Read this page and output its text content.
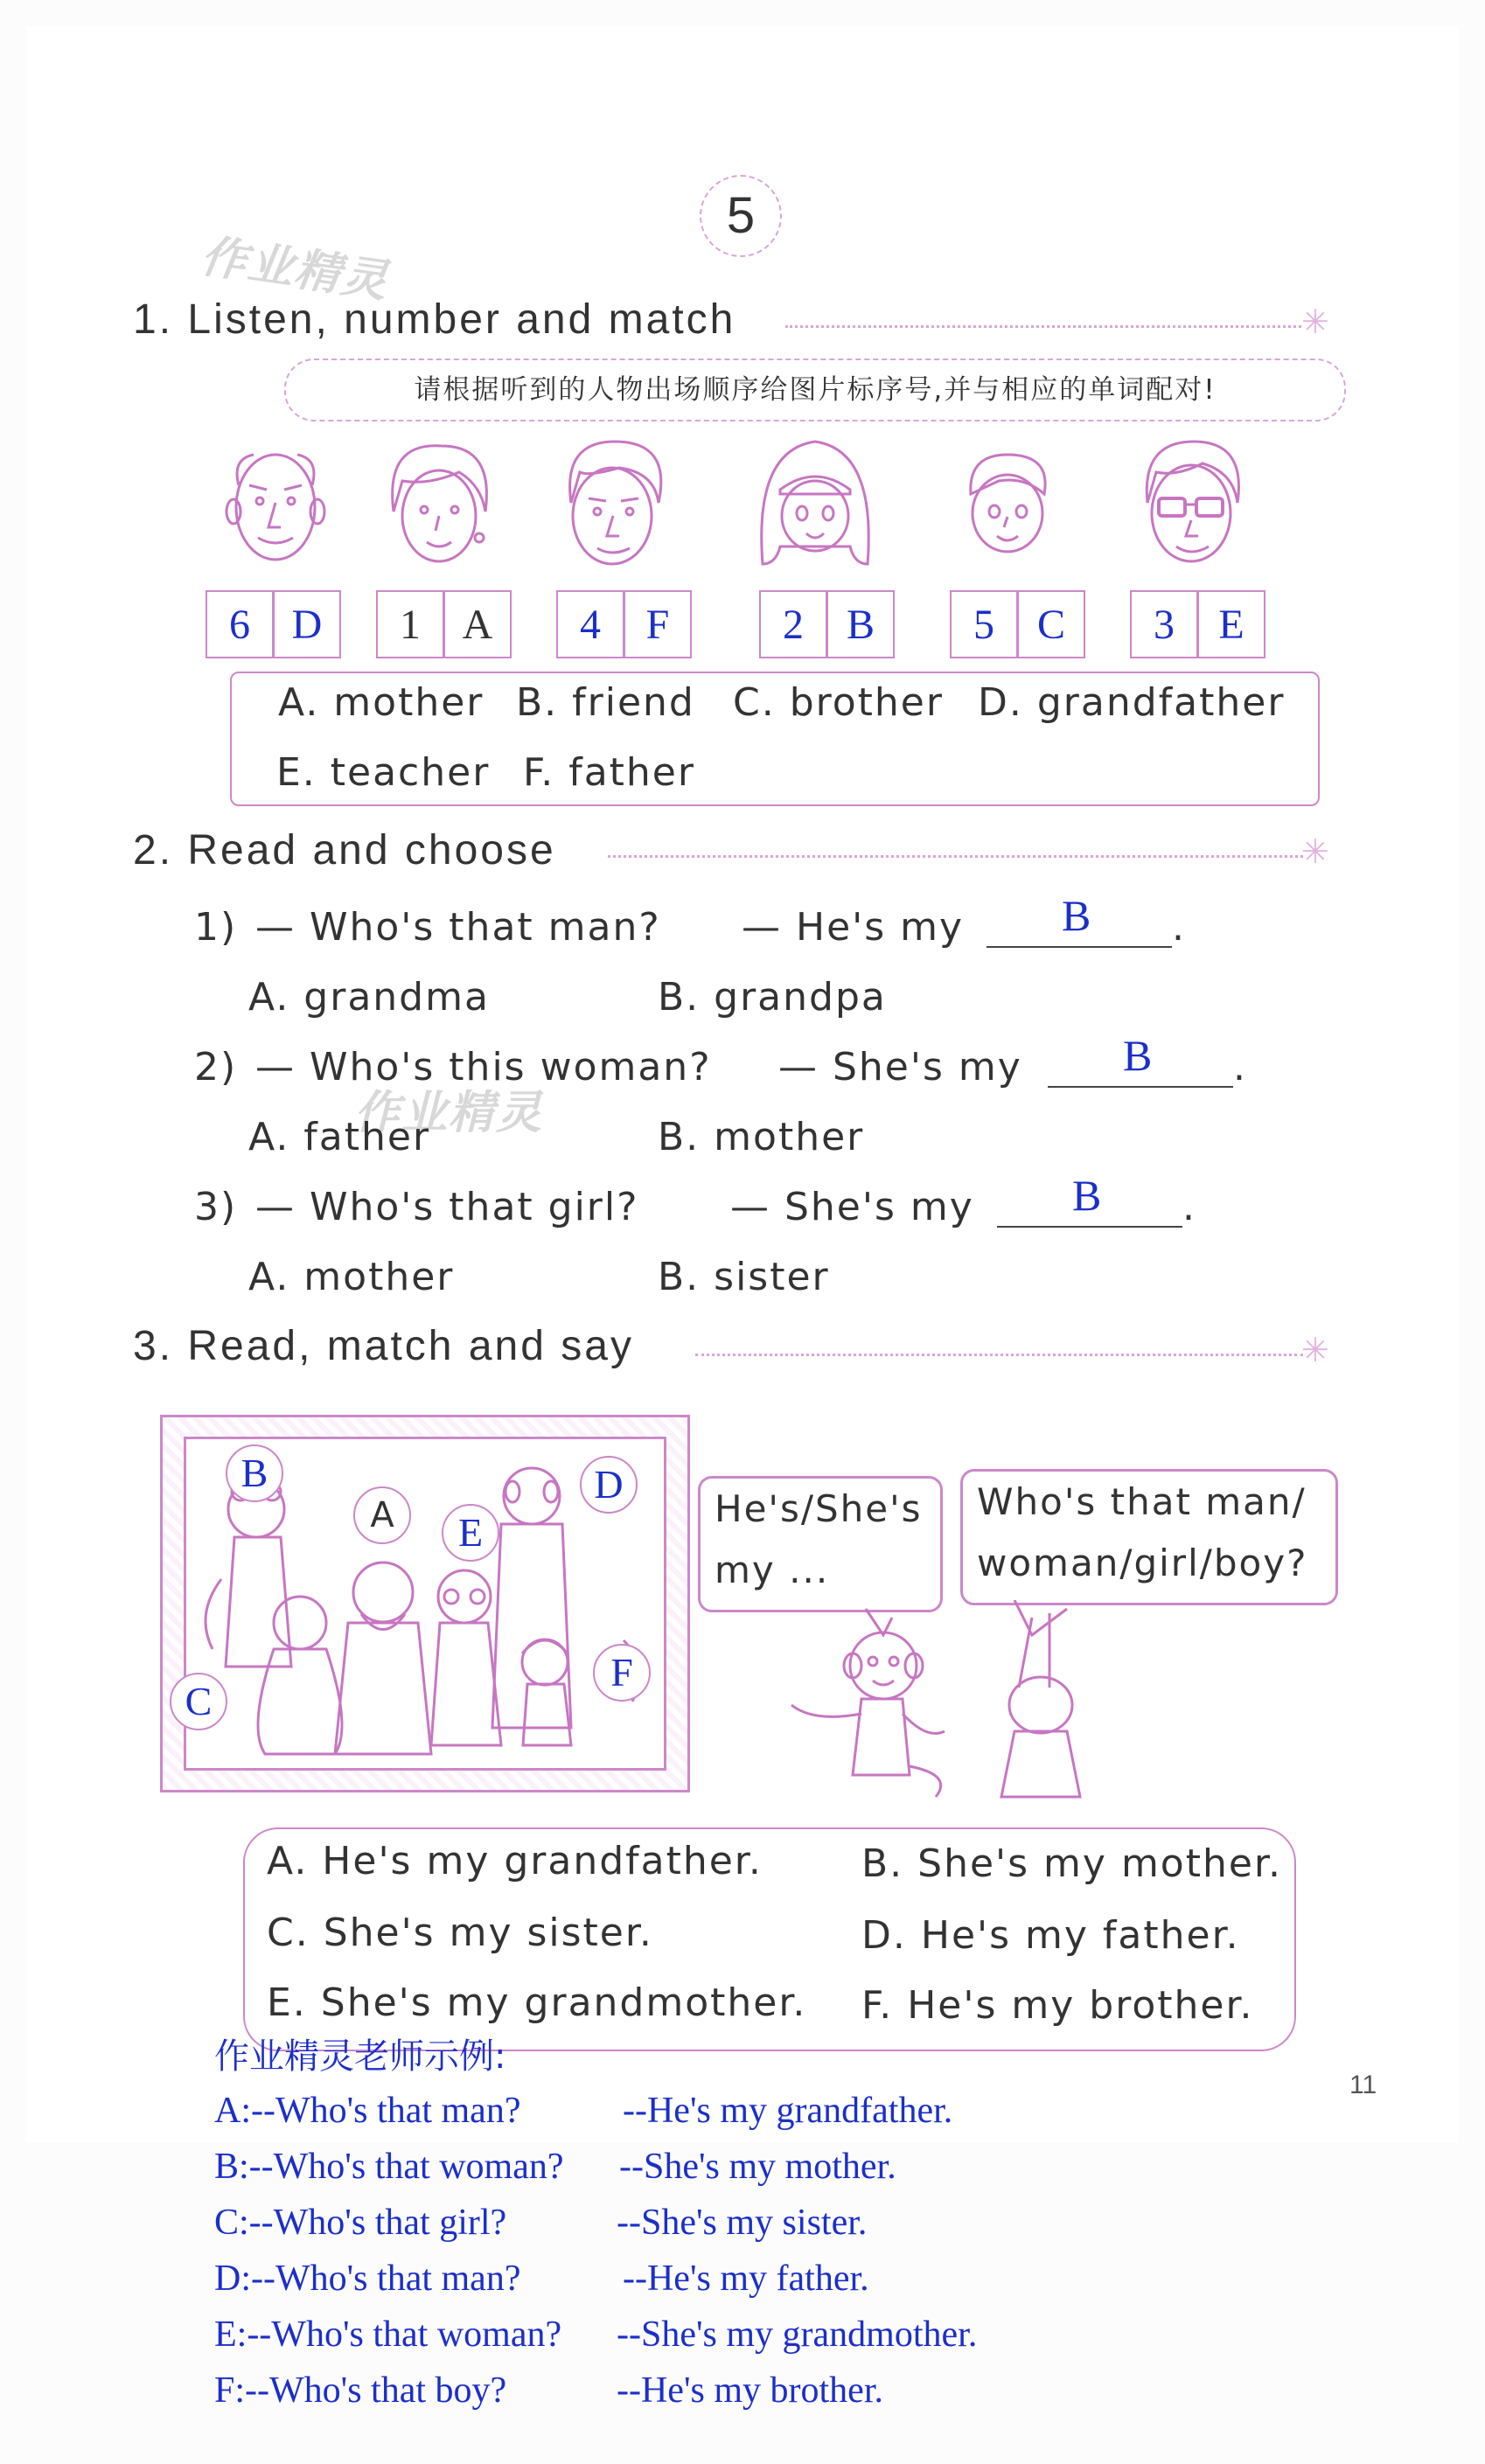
5
作业精灵
作业精灵
1. Listen, number and match	✳
请根据听到的人物出场顺序给图片标序号,并与相应的单词配对!
6 D	1 A	4	F	2	B	5	C	3	E
A. mother B. friend C. brother D. grandfather
E. teacher F. father
2. Read and choose	✳
1) — Who's that man? — He's my B .
A. grandma	B. grandpa
2) — Who's this woman? — She's my B .
A. father	B. mother
3) — Who's that girl? — She's my B .
A. mother	B. sister
3. Read, match and say	✳
B
A	E
D
C
F
He's/She's
my ...
Who's that man/
woman/girl/boy?
A. He's my grandfather.	B. She's my mother.
C. She's my sister.	D. He's my father.
E. She's my grandmother. F. He's my brother.
11
作业精灵老师示例:
A:--Who's that man?	--He's my grandfather.
B:--Who's that woman? --She's my mother.
C:--Who's that girl?	--She's my sister.
D:--Who's that man?	--He's my father.
E:--Who's that woman? --She's my grandmother.
F:--Who's that boy?	--He's my brother.
